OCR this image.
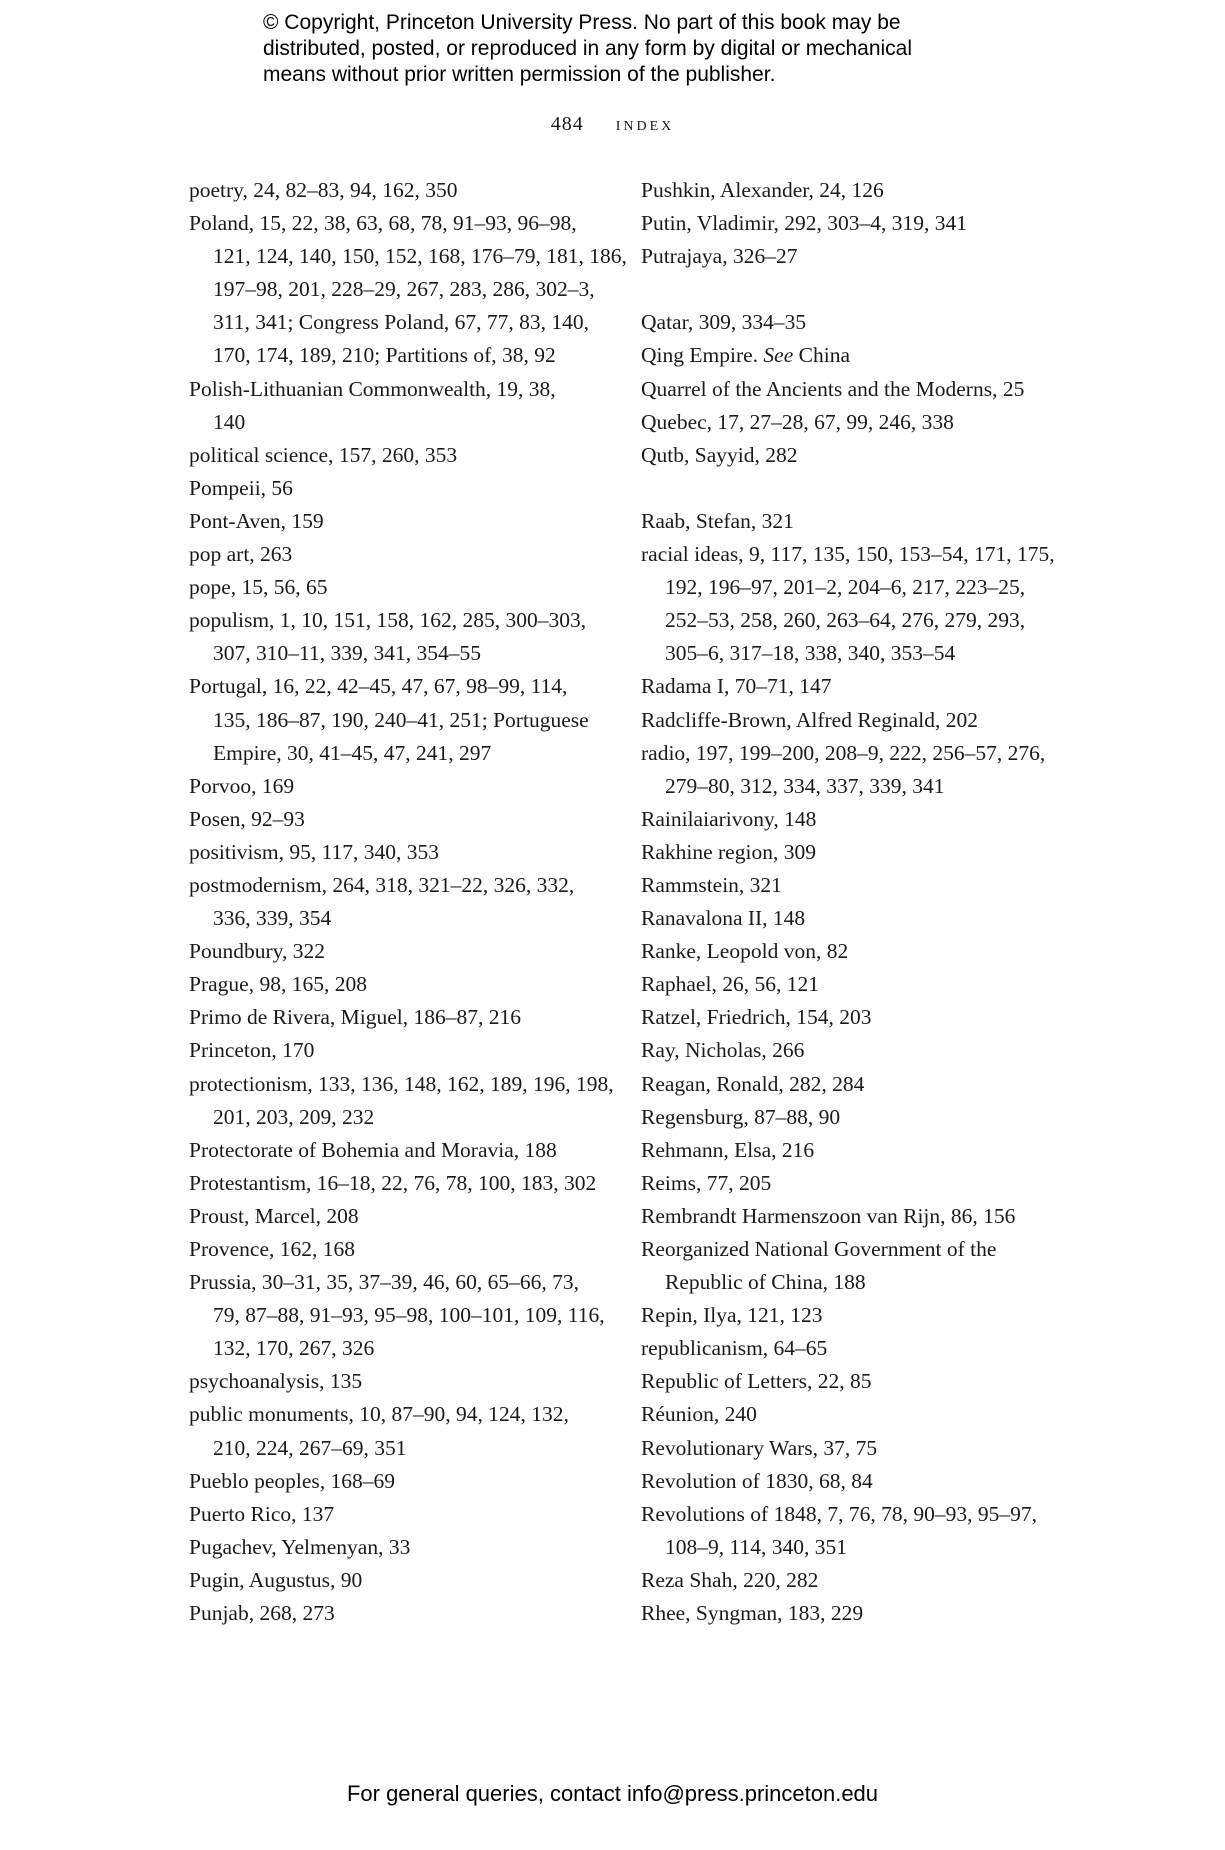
© Copyright, Princeton University Press. No part of this book may be
distributed, posted, or reproduced in any form by digital or mechanical
means without prior written permission of the publisher.
484 index
poetry, 24, 82–83, 94, 162, 350
Poland, 15, 22, 38, 63, 68, 78, 91–93, 96–98,
121, 124, 140, 150, 152, 168, 176–79, 181, 186,
197–98, 201, 228–29, 267, 283, 286, 302–3,
311, 341; Congress Poland, 67, 77, 83, 140,
170, 174, 189, 210; Partitions of, 38, 92
Polish-Lithuanian Commonwealth, 19, 38,
140
political science, 157, 260, 353
Pompeii, 56
Pont-Aven, 159
pop art, 263
pope, 15, 56, 65
populism, 1, 10, 151, 158, 162, 285, 300–303,
307, 310–11, 339, 341, 354–55
Portugal, 16, 22, 42–45, 47, 67, 98–99, 114,
135, 186–87, 190, 240–41, 251; Portuguese
Empire, 30, 41–45, 47, 241, 297
Porvoo, 169
Posen, 92–93
positivism, 95, 117, 340, 353
postmodernism, 264, 318, 321–22, 326, 332,
336, 339, 354
Poundbury, 322
Prague, 98, 165, 208
Primo de Rivera, Miguel, 186–87, 216
Princeton, 170
protectionism, 133, 136, 148, 162, 189, 196, 198,
201, 203, 209, 232
Protectorate of Bohemia and Moravia, 188
Protestantism, 16–18, 22, 76, 78, 100, 183, 302
Proust, Marcel, 208
Provence, 162, 168
Prussia, 30–31, 35, 37–39, 46, 60, 65–66, 73,
79, 87–88, 91–93, 95–98, 100–101, 109, 116,
132, 170, 267, 326
psychoanalysis, 135
public monuments, 10, 87–90, 94, 124, 132,
210, 224, 267–69, 351
Pueblo peoples, 168–69
Puerto Rico, 137
Pugachev, Yelmenyan, 33
Pugin, Augustus, 90
Punjab, 268, 273
Pushkin, Alexander, 24, 126
Putin, Vladimir, 292, 303–4, 319, 341
Putrajaya, 326–27
Qatar, 309, 334–35
Qing Empire. See China
Quarrel of the Ancients and the Moderns, 25
Quebec, 17, 27–28, 67, 99, 246, 338
Qutb, Sayyid, 282
Raab, Stefan, 321
racial ideas, 9, 117, 135, 150, 153–54, 171, 175,
192, 196–97, 201–2, 204–6, 217, 223–25,
252–53, 258, 260, 263–64, 276, 279, 293,
305–6, 317–18, 338, 340, 353–54
Radama I, 70–71, 147
Radcliffe-Brown, Alfred Reginald, 202
radio, 197, 199–200, 208–9, 222, 256–57, 276,
279–80, 312, 334, 337, 339, 341
Rainilaiarivony, 148
Rakhine region, 309
Rammstein, 321
Ranavalona II, 148
Ranke, Leopold von, 82
Raphael, 26, 56, 121
Ratzel, Friedrich, 154, 203
Ray, Nicholas, 266
Reagan, Ronald, 282, 284
Regensburg, 87–88, 90
Rehmann, Elsa, 216
Reims, 77, 205
Rembrandt Harmenszoon van Rijn, 86, 156
Reorganized National Government of the
Republic of China, 188
Repin, Ilya, 121, 123
republicanism, 64–65
Republic of Letters, 22, 85
Réunion, 240
Revolutionary Wars, 37, 75
Revolution of 1830, 68, 84
Revolutions of 1848, 7, 76, 78, 90–93, 95–97,
108–9, 114, 340, 351
Reza Shah, 220, 282
Rhee, Syngman, 183, 229
For general queries, contact info@press.princeton.edu
